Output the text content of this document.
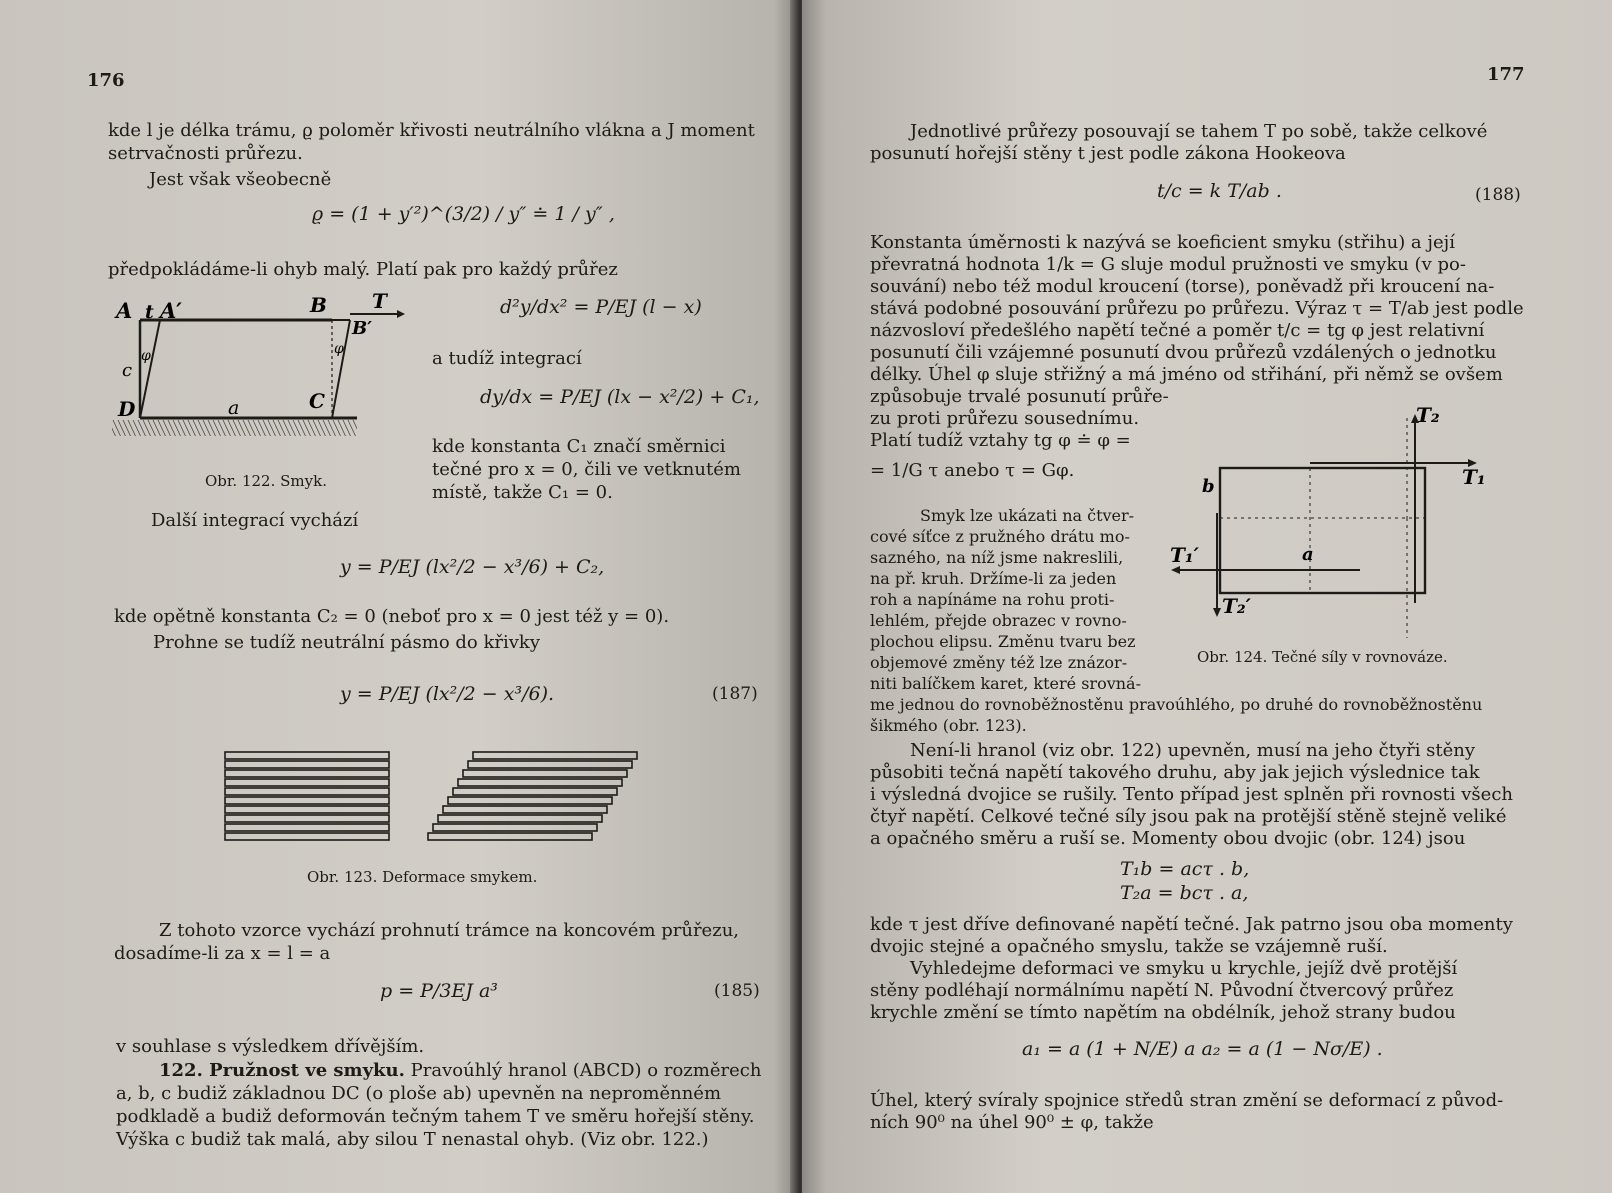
176
kde l je délka trámu, ϱ poloměr křivosti neutrálního vlákna a J moment
setrvačnosti průřezu.
Jest však všeobecně
ϱ = (1 + y′²)^(3/2) / y″ ≐ 1 / y″ ,
předpokládáme-li ohyb malý. Platí pak pro každý průřez
A t A′	B T
B′
c
φ	φ
D	a	C
Obr. 122. Smyk.
d²y/dx² = P/EJ (l − x)
a tudíž integrací
dy/dx = P/EJ (lx − x²/2) + C₁,
kde konstanta C₁ značí směrnici
tečné pro x = 0, čili ve vetknutém
místě, takže C₁ = 0.
Další integrací vychází
y = P/EJ (lx²/2 − x³/6) + C₂,
kde opětně konstanta C₂ = 0 (neboť pro x = 0 jest též y = 0).
Prohne se tudíž neutrální pásmo do křivky
y = P/EJ (lx²/2 − x³/6).	(187)
Obr. 123. Deformace smykem.
Z tohoto vzorce vychází prohnutí trámce na koncovém průřezu,
dosadíme-li za x = l = a
p = P/3EJ a³	(185)
v souhlase s výsledkem dřívějším.
122. Pružnost ve smyku. Pravoúhlý hranol (ABCD) o rozměrech
a, b, c budiž základnou DC (o ploše ab) upevněn na neproměnném
podkladě a budiž deformován tečným tahem T ve směru hořejší stěny.
Výška c budiž tak malá, aby silou T nenastal ohyb. (Viz obr. 122.)
177
Jednotlivé průřezy posouvají se tahem T po sobě, takže celkové
posunutí hořejší stěny t jest podle zákona Hookeova
t/c = k T/ab .	(188)
Konstanta úměrnosti k nazývá se koeficient smyku (střihu) a její
převratná hodnota 1/k = G sluje modul pružnosti ve smyku (v po-
souvání) nebo též modul kroucení (torse), poněvadž při kroucení na-
stává podobné posouvání průřezu po průřezu. Výraz τ = T/ab jest podle
názvosloví předešlého napětí tečné a poměr t/c = tg φ jest relativní
posunutí čili vzájemné posunutí dvou průřezů vzdálených o jednotku
délky. Úhel φ sluje střižný a má jméno od střihání, při němž se ovšem
způsobuje trvalé posunutí průře-
zu proti průřezu sousednímu.
Platí tudíž vztahy tg φ ≐ φ =
= 1/G τ anebo τ = Gφ.
Smyk lze ukázati na čtver-
cové síťce z pružného drátu mo-
sazného, na níž jsme nakreslili,
na př. kruh. Držíme-li za jeden
roh a napínáme na rohu proti-
lehlém, přejde obrazec v rovno-
plochou elipsu. Změnu tvaru bez
objemové změny též lze znázor-
niti balíčkem karet, které srovná-
me jednou do rovnoběžnostěnu pravoúhlého, po druhé do rovnoběžnostěnu
šikmého (obr. 123).
T₂
T₁
b
a
T₁′
T₂′
Obr. 124. Tečné síly v rovnováze.
Není-li hranol (viz obr. 122) upevněn, musí na jeho čtyři stěny
působiti tečná napětí takového druhu, aby jak jejich výslednice tak
i výsledná dvojice se rušily. Tento případ jest splněn při rovnosti všech
čtyř napětí. Celkové tečné síly jsou pak na protější stěně stejně veliké
a opačného směru a ruší se. Momenty obou dvojic (obr. 124) jsou
T₁b = acτ . b,
T₂a = bcτ . a,
kde τ jest dříve definované napětí tečné. Jak patrno jsou oba momenty
dvojic stejné a opačného smyslu, takže se vzájemně ruší.
Vyhledejme deformaci ve smyku u krychle, jejíž dvě protější
stěny podléhají normálnímu napětí N. Původní čtvercový průřez
krychle změní se tímto napětím na obdélník, jehož strany budou
a₁ = a (1 + N/E) a a₂ = a (1 − Nσ/E) .
Úhel, který svíraly spojnice středů stran změní se deformací z původ-
ních 90⁰ na úhel 90⁰ ± φ, takže
